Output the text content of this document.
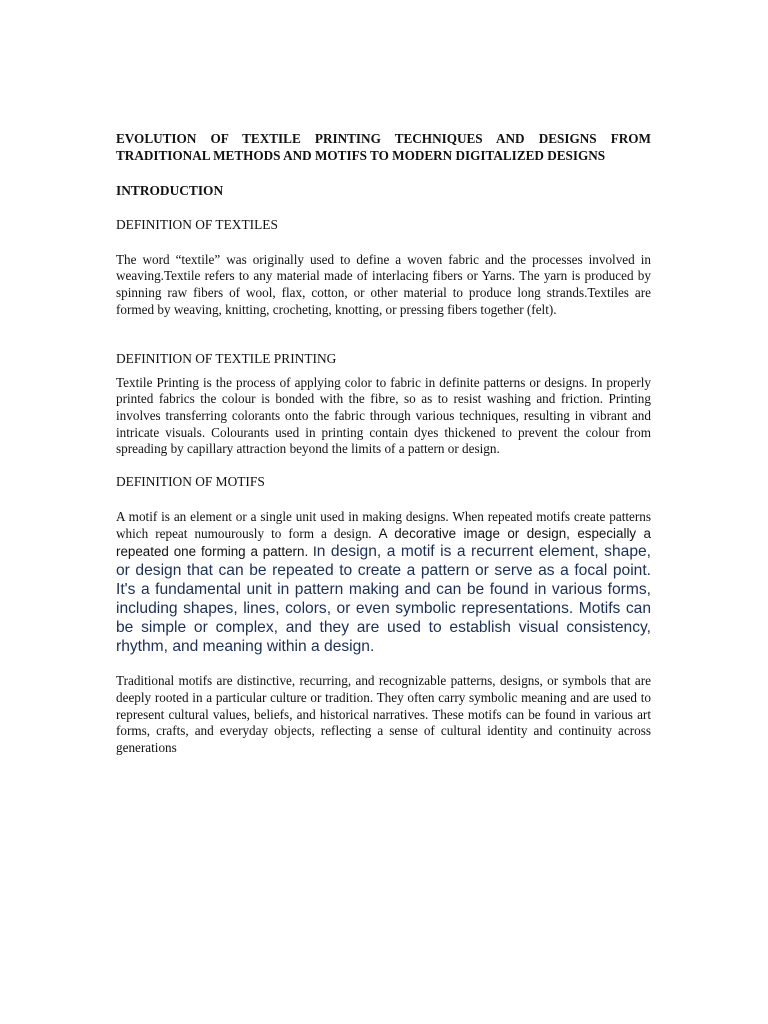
EVOLUTION OF TEXTILE PRINTING TECHNIQUES AND DESIGNS FROM TRADITIONAL METHODS AND MOTIFS TO MODERN DIGITALIZED DESIGNS

INTRODUCTION
DEFINITION OF TEXTILES

The word “textile” was originally used to define a woven fabric and the processes involved in weaving.Textile refers to any material made of interlacing fibers or Yarns. The yarn is produced by spinning raw fibers of wool, flax, cotton, or other material to produce long strands.Textiles are formed by weaving, knitting, crocheting, knotting, or pressing fibers together (felt).

DEFINITION OF TEXTILE PRINTING

Textile Printing is the process of applying color to fabric in definite patterns or designs. In properly printed fabrics the colour is bonded with the fibre, so as to resist washing and friction. Printing involves transferring colorants onto the fabric through various techniques, resulting in vibrant and intricate visuals. Colourants used in printing contain dyes thickened to prevent the colour from spreading by capillary attraction beyond the limits of a pattern or design.

DEFINITION OF MOTIFS

A motif is an element or a single unit used in making designs. When repeated motifs create patterns which repeat numourously to form a design. A decorative image or design, especially a repeated one forming a pattern. In design, a motif is a recurrent element, shape, or design that can be repeated to create a pattern or serve as a focal point. It's a fundamental unit in pattern making and can be found in various forms, including shapes, lines, colors, or even symbolic representations. Motifs can be simple or complex, and they are used to establish visual consistency, rhythm, and meaning within a design.

Traditional motifs are distinctive, recurring, and recognizable patterns, designs, or symbols that are deeply rooted in a particular culture or tradition. They often carry symbolic meaning and are used to represent cultural values, beliefs, and historical narratives. These motifs can be found in various art forms, crafts, and everyday objects, reflecting a sense of cultural identity and continuity across generations
